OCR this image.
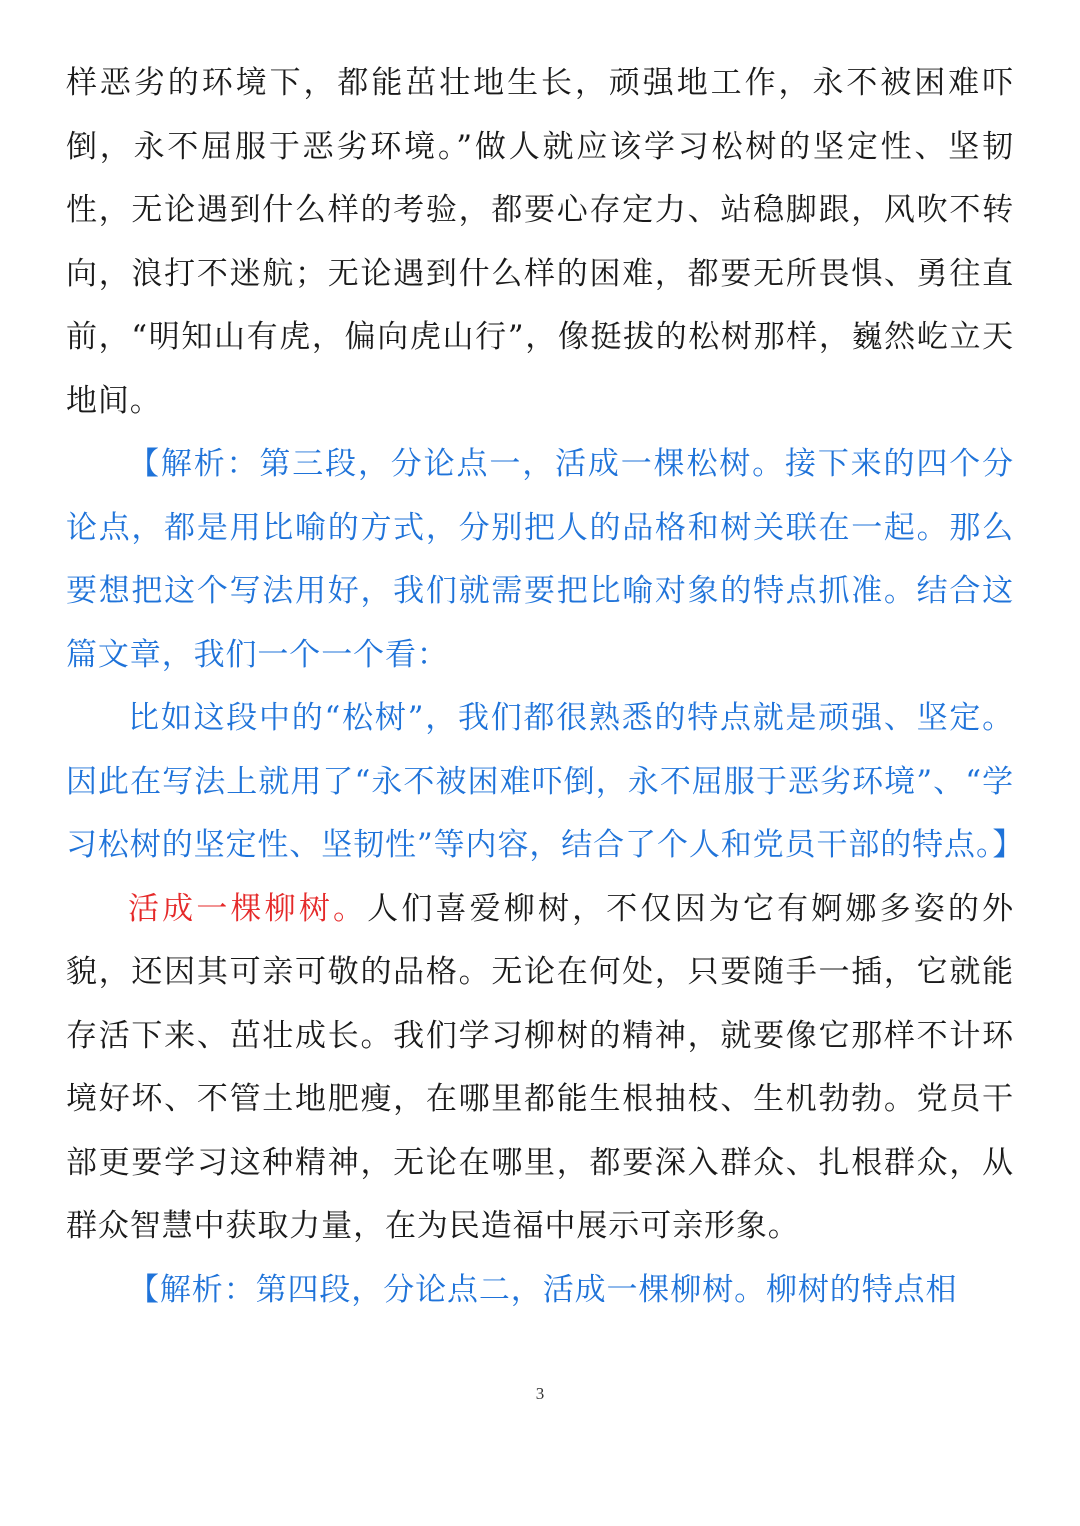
样恶劣的环境下，都能茁壮地生长，顽强地工作，永不被困难吓倒，永不屈服于恶劣环境。”做人就应该学习松树的坚定性、坚韧性，无论遇到什么样的考验，都要心存定力、站稳脚跟，风吹不转向，浪打不迷航；无论遇到什么样的困难，都要无所畏惧、勇往直前，“明知山有虎，偏向虎山行”，像挺拔的松树那样，巍然屹立天地间。

【解析：第三段，分论点一，活成一棵松树。接下来的四个分论点，都是用比喻的方式，分别把人的品格和树关联在一起。那么要想把这个写法用好，我们就需要把比喻对象的特点抓准。结合这篇文章，我们一个一个看：

比如这段中的“松树”，我们都很熟悉的特点就是顽强、坚定。因此在写法上就用了“永不被困难吓倒，永不屈服于恶劣环境”、“学习松树的坚定性、坚韧性”等内容，结合了个人和党员干部的特点。】

活成一棵柳树。人们喜爱柳树，不仅因为它有婀娜多姿的外貌，还因其可亲可敬的品格。无论在何处，只要随手一插，它就能存活下来、茁壮成长。我们学习柳树的精神，就要像它那样不计环境好坏、不管土地肥瘦，在哪里都能生根抽枝、生机勃勃。党员干部更要学习这种精神，无论在哪里，都要深入群众、扎根群众，从群众智慧中获取力量，在为民造福中展示可亲形象。

【解析：第四段，分论点二，活成一棵柳树。柳树的特点相

3
